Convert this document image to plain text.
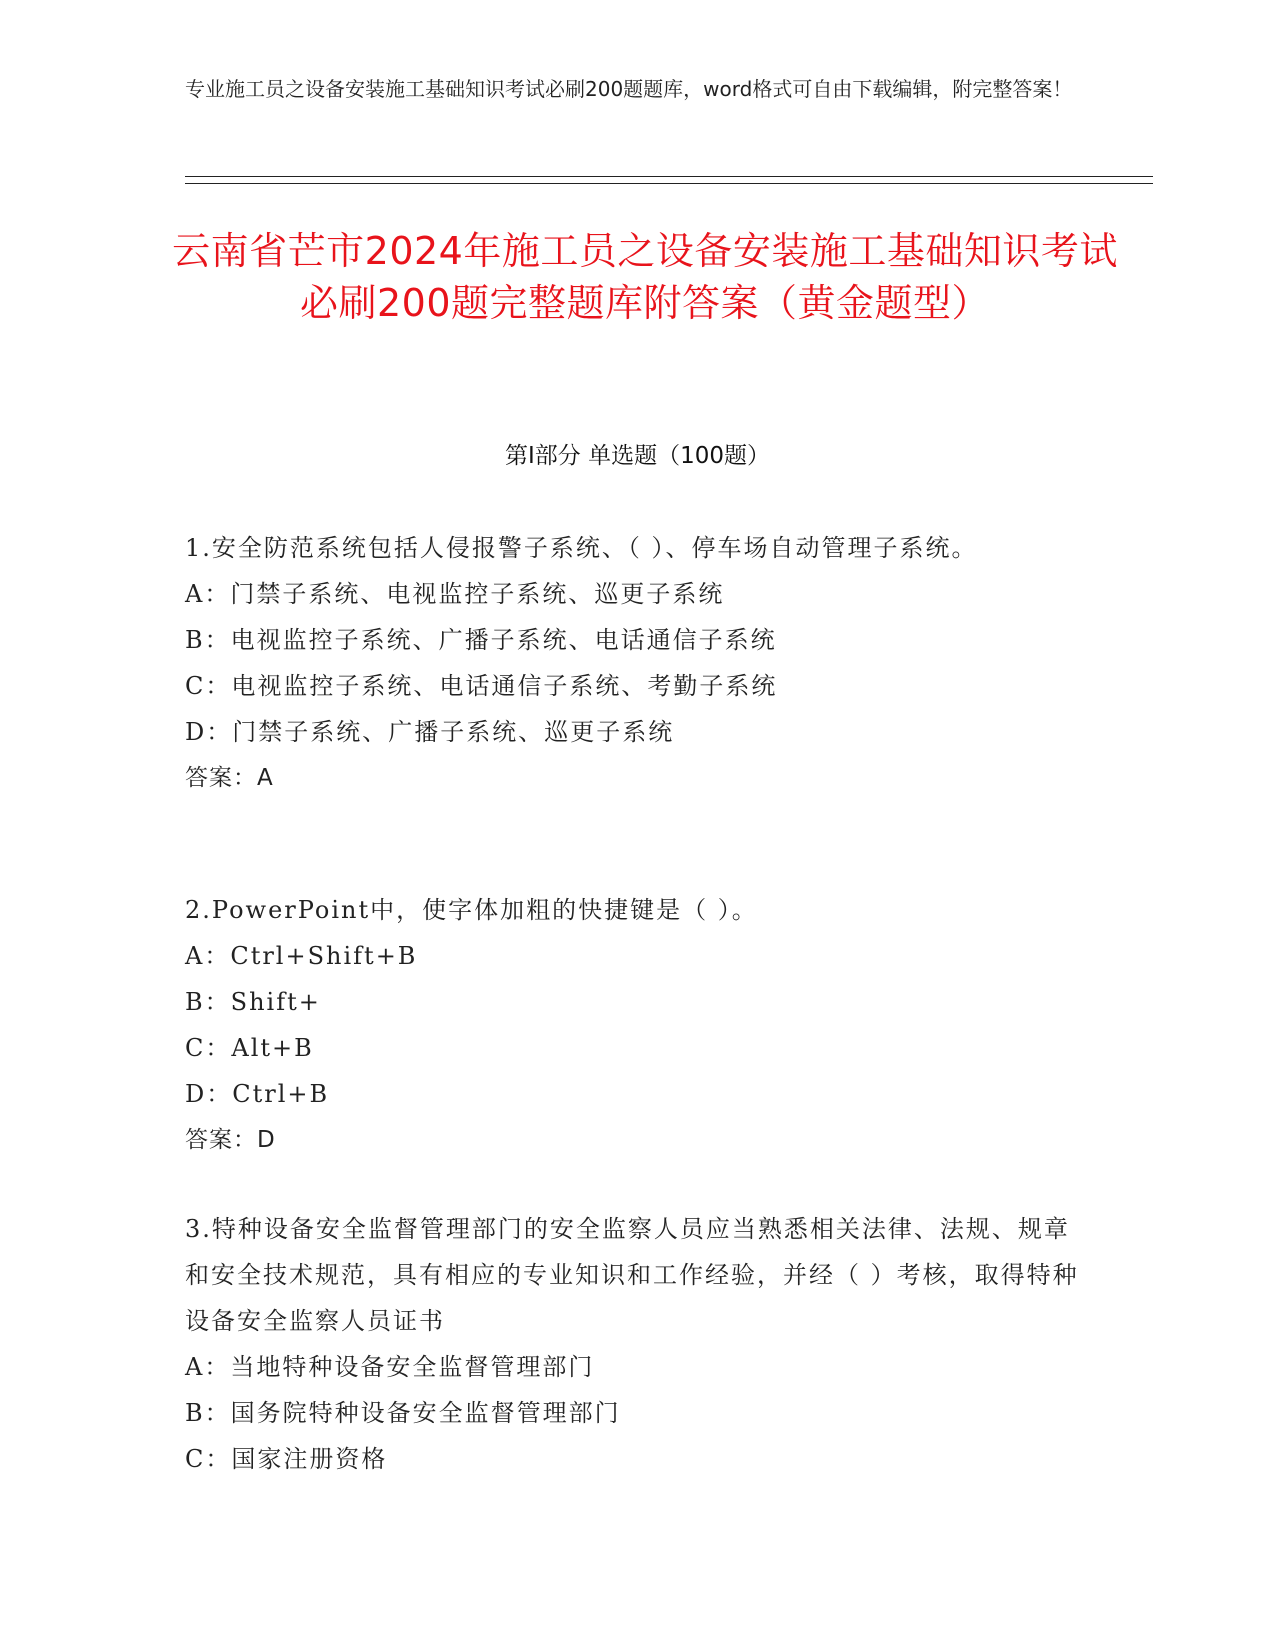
专业施工员之设备安装施工基础知识考试必刷200题题库，word格式可自由下载编辑，附完整答案！
云南省芒市2024年施工员之设备安装施工基础知识考试必刷200题完整题库附答案（黄金题型）
第Ⅰ部分 单选题（100题）

1.安全防范系统包括人侵报警子系统、（ ）、停车场自动管理子系统。

A：门禁子系统、电视监控子系统、巡更子系统

B：电视监控子系统、广播子系统、电话通信子系统

C：电视监控子系统、电话通信子系统、考勤子系统

D：门禁子系统、广播子系统、巡更子系统

答案：A

2.PowerPoint中，使字体加粗的快捷键是（ ）。

A：Ctrl+Shift+B

B：Shift+

C：Alt+B

D：Ctrl+B

答案：D

3.特种设备安全监督管理部门的安全监察人员应当熟悉相关法律、法规、规章和安全技术规范，具有相应的专业知识和工作经验，并经（ ）考核，取得特种设备安全监察人员证书

A：当地特种设备安全监督管理部门

B：国务院特种设备安全监督管理部门

C：国家注册资格
